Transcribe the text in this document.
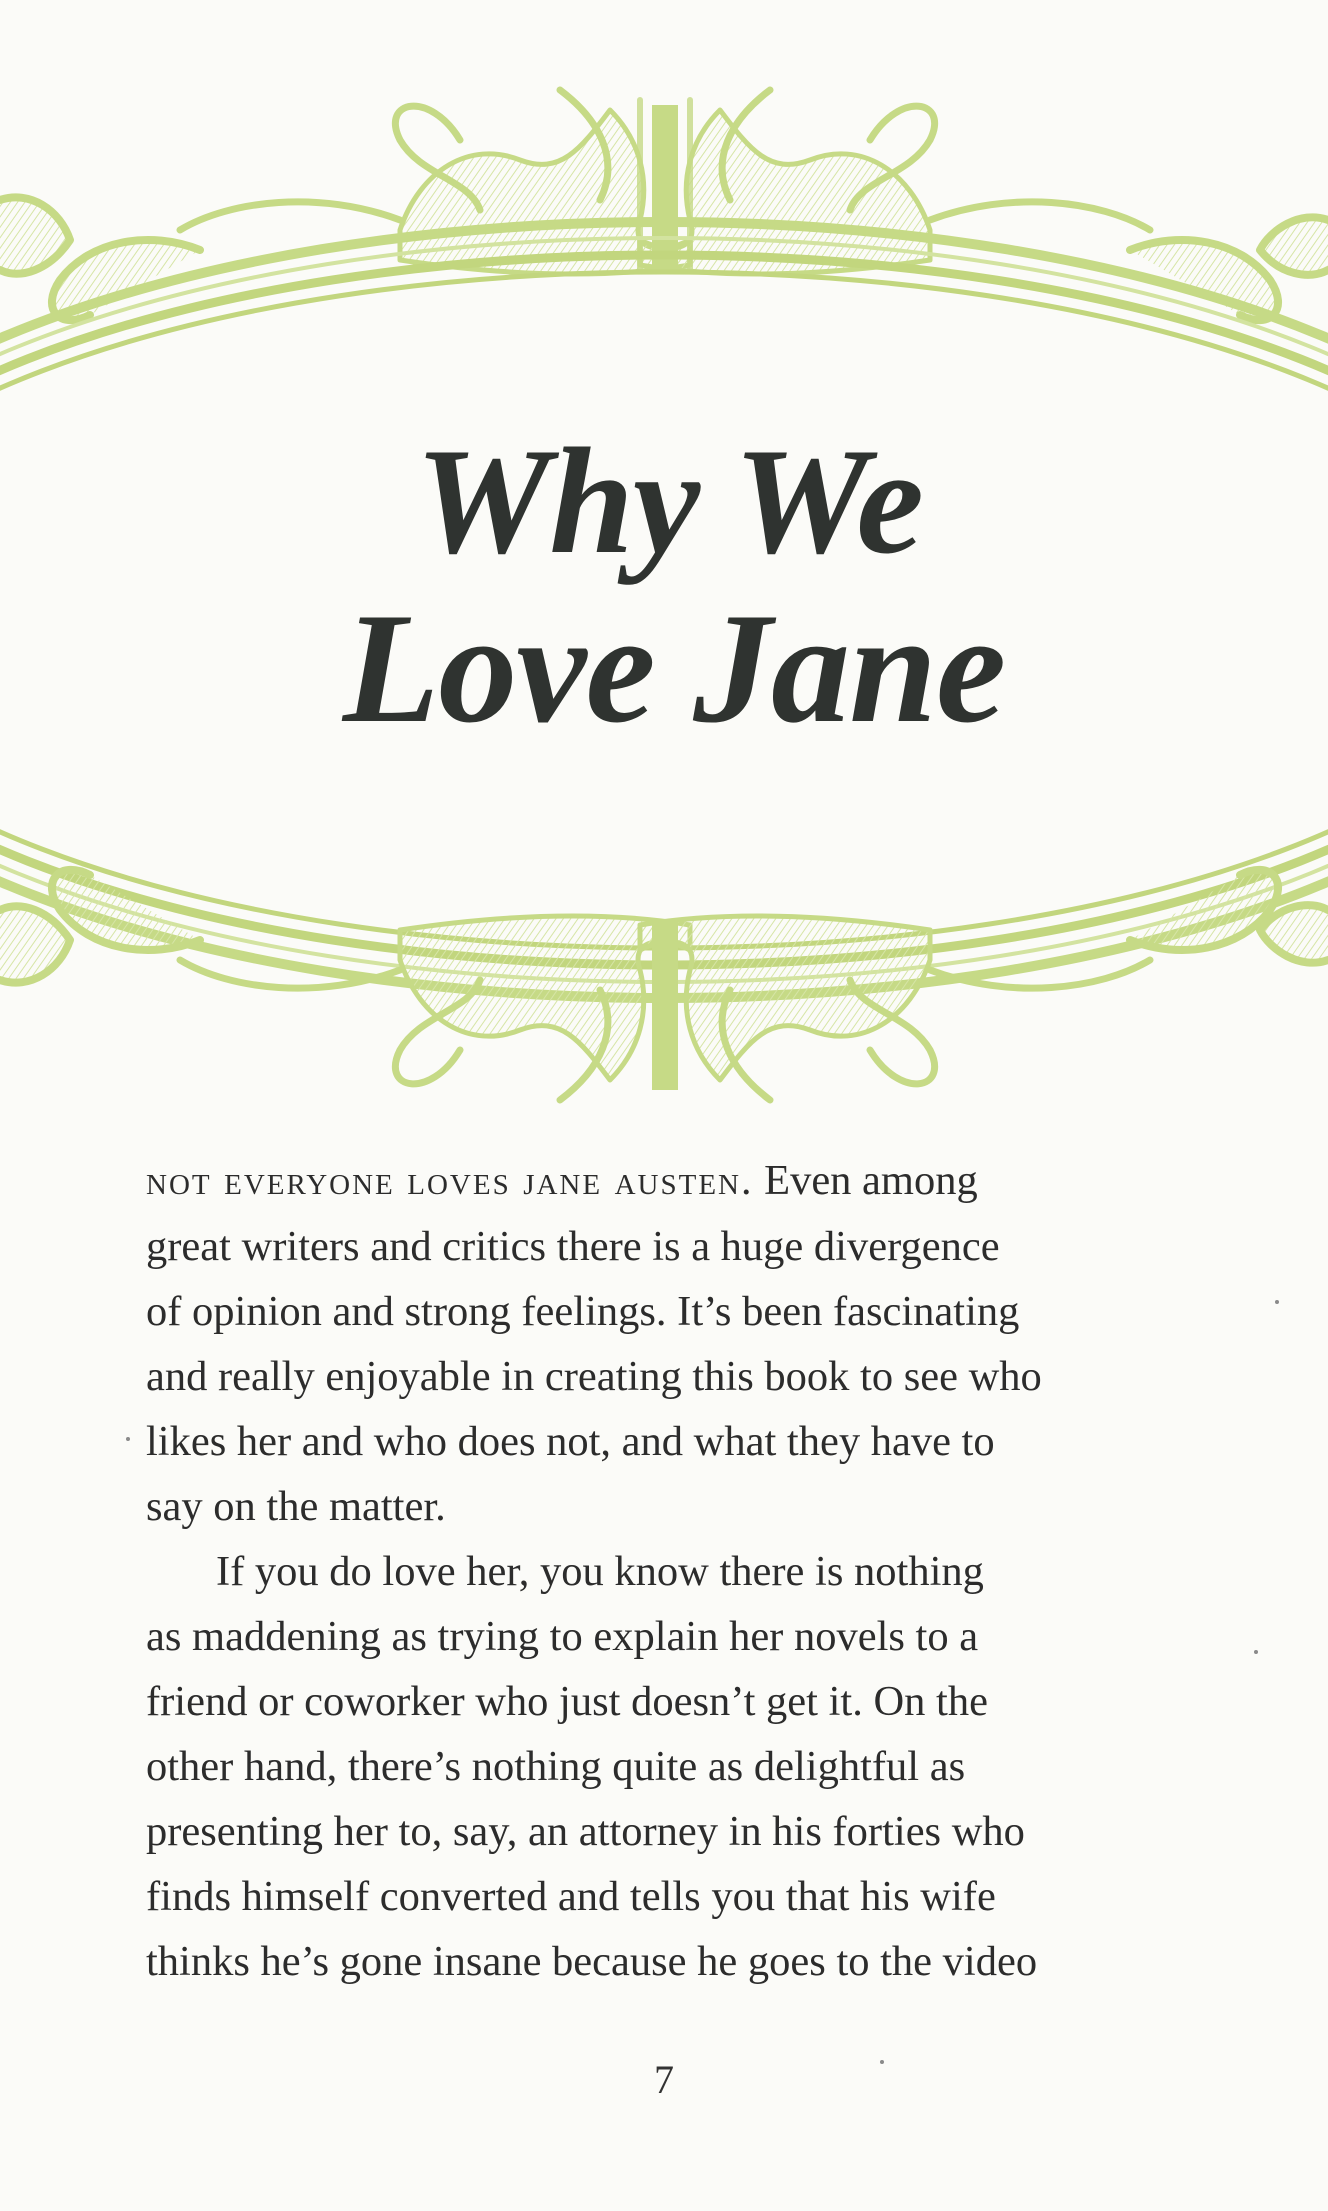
Why We
Love Jane

not everyone loves jane austen. Even among
great writers and critics there is a huge divergence
of opinion and strong feelings. It’s been fascinating
and really enjoyable in creating this book to see who
likes her and who does not, and what they have to
say on the matter.

If you do love her, you know there is nothing
as maddening as trying to explain her novels to a
friend or coworker who just doesn’t get it. On the
other hand, there’s nothing quite as delightful as
presenting her to, say, an attorney in his forties who
finds himself converted and tells you that his wife
thinks he’s gone insane because he goes to the video

7
